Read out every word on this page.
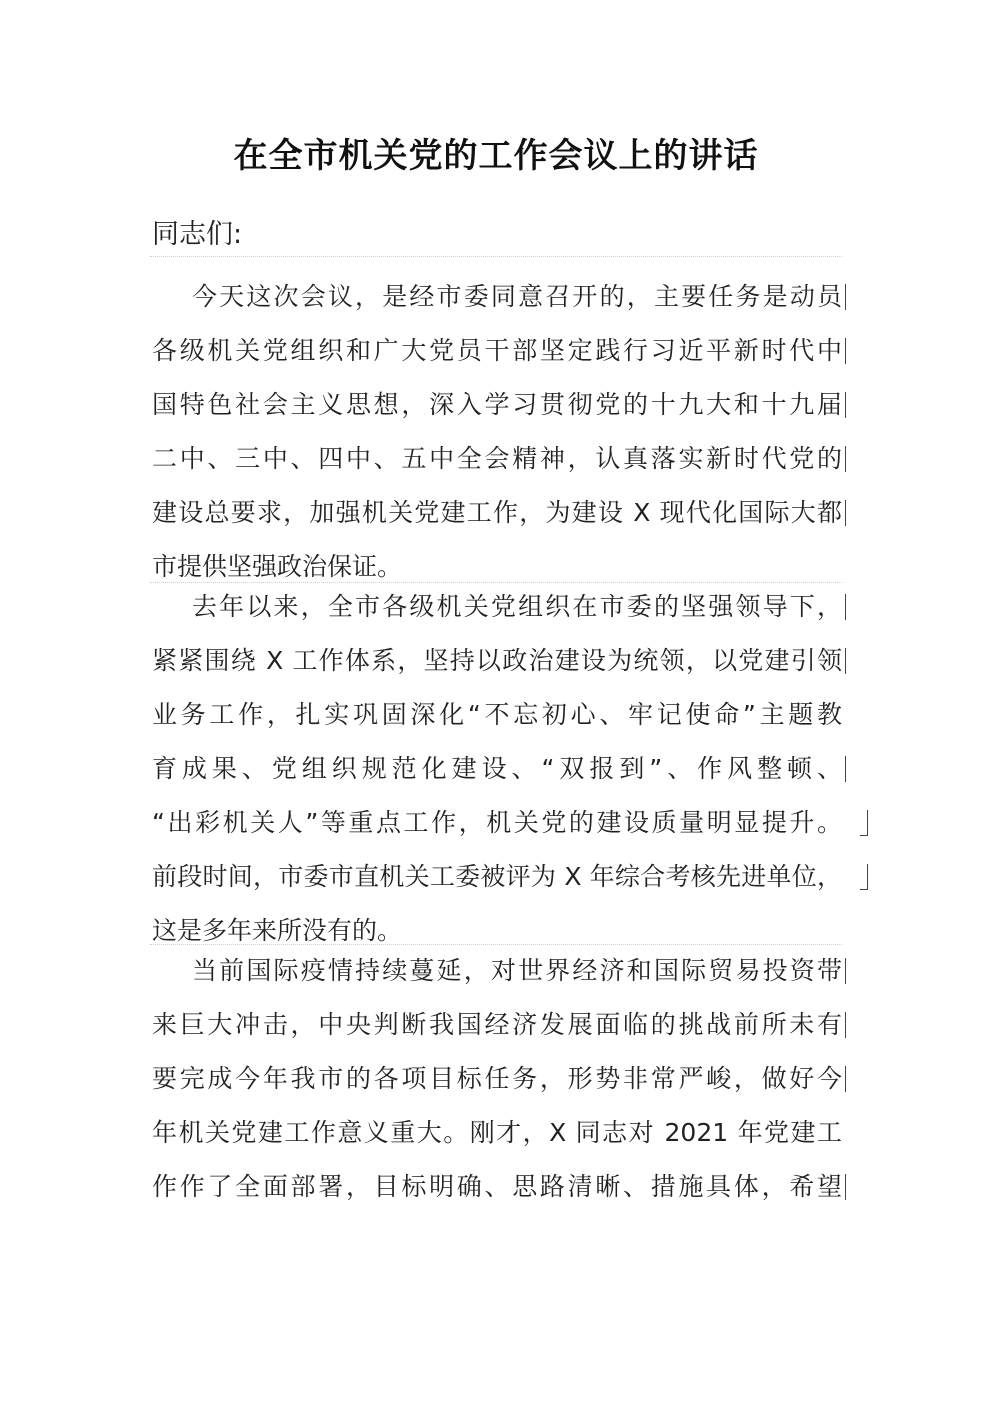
在全市机关党的工作会议上的讲话
同志们:
今天这次会议，是经市委同意召开的，主要任务是动员
各级机关党组织和广大党员干部坚定践行习近平新时代中
国特色社会主义思想，深入学习贯彻党的十九大和十九届
二中、三中、四中、五中全会精神，认真落实新时代党的
建设总要求，加强机关党建工作，为建设 X 现代化国际大都
市提供坚强政治保证。
去年以来，全市各级机关党组织在市委的坚强领导下，
紧紧围绕 X 工作体系，坚持以政治建设为统领，以党建引领
业务工作，扎实巩固深化“不忘初心、牢记使命”主题教
育成果、党组织规范化建设、“双报到”、作风整顿、
“出彩机关人”等重点工作，机关党的建设质量明显提升。
前段时间，市委市直机关工委被评为 X 年综合考核先进单位，
这是多年来所没有的。
当前国际疫情持续蔓延，对世界经济和国际贸易投资带
来巨大冲击，中央判断我国经济发展面临的挑战前所未有
要完成今年我市的各项目标任务，形势非常严峻，做好今
年机关党建工作意义重大。刚才，X 同志对 2021 年党建工
作作了全面部署，目标明确、思路清晰、措施具体，希望
